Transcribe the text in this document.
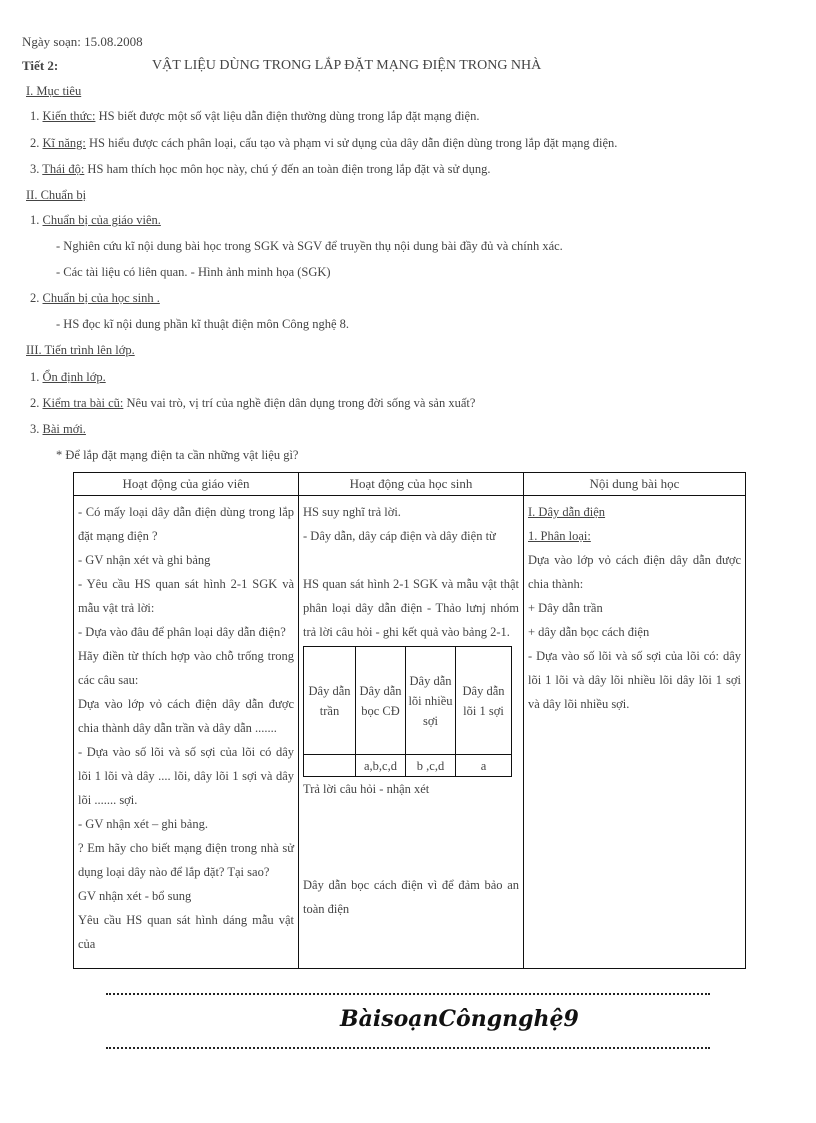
Ngày soạn: 15.08.2008
Tiết 2:	VẬT LIỆU DÙNG TRONG LẮP ĐẶT MẠNG ĐIỆN TRONG NHÀ
I. Mục tiêu
1. Kiến thức: HS biết được một số vật liệu dẫn điện thường dùng trong lắp đặt mạng điện.
2. Kĩ năng: HS hiểu được cách phân loại, cấu tạo và phạm vi sử dụng của dây dẫn điện dùng trong lắp đặt mạng điện.
3. Thái độ: HS ham thích học môn học này, chú ý đến an toàn điện trong lắp đặt và sử dụng.
II. Chuẩn bị
1. Chuẩn bị của giáo viên.
- Nghiên cứu kĩ nội dung bài học trong SGK và SGV để truyền thụ nội dung bài đầy đủ và chính xác.
- Các tài liệu có liên quan. - Hình ảnh minh họa (SGK)
2. Chuẩn bị của học sinh .
- HS đọc kĩ nội dung phần kĩ thuật điện môn Công nghệ 8.
III. Tiến trình lên lớp.
1. Ổn định lớp.
2. Kiểm tra bài cũ: Nêu vai trò, vị trí của nghề điện dân dụng trong đời sống và sản xuất?
3. Bài mới.
* Để lắp đặt mạng điện ta cần những vật liệu gì?
Hoạt động của giáo viên	Hoạt động của học sinh	Nội dung bài học

- Có mấy loại dây dẫn điện dùng trong lắp đặt mạng điện ?

- GV nhận xét và ghi bảng

- Yêu cầu HS quan sát hình 2-1 SGK và mẫu vật trả lời:

- Dựa vào đâu để phân loại dây dẫn điện?

Hãy điền từ thích hợp vào chỗ trống trong các câu sau:

Dựa vào lớp vỏ cách điện dây dẫn được chia thành dây dẫn trần và dây dẫn .......

- Dựa vào số lõi và số sợi của lõi có dây lõi 1 lõi và dây .... lõi, dây lõi 1 sợi và dây lõi ....... sợi.

- GV nhận xét – ghi bảng.

? Em hãy cho biết mạng điện trong nhà sử dụng loại dây nào để lắp đặt? Tại sao?

GV nhận xét - bổ sung

Yêu cầu HS quan sát hình dáng mẫu vật của

HS suy nghĩ trả lời.

- Dây dẫn, dây cáp điện và dây điện từ

HS quan sát hình 2-1 SGK và mẫu vật thật phân loại dây dẫn điện - Thảo lưnj nhóm trả lời câu hỏi - ghi kết quả vào bảng 2-1.

Dây dẫn trần	Dây dẫn bọc CĐ	Dây dẫn lõi nhiều sợi	Dây dẫn lõi 1 sợi
	a,b,c,d	b ,c,d	a

Trả lời câu hỏi - nhận xét

Dây dẫn bọc cách điện vì để đảm bảo an toàn điện

I. Dây dẫn điện

1. Phân loại:

Dựa vào lớp vỏ cách điện dây dẫn được chia thành:

+ Dây dẫn trần

+ dây dẫn bọc cách điện

- Dựa vào số lõi và số sợi của lõi có: dây lõi 1 lõi và dây lõi nhiều lõi dây lõi 1 sợi và dây lõi nhiều sợi.

BàisoạnCôngnghệ9
